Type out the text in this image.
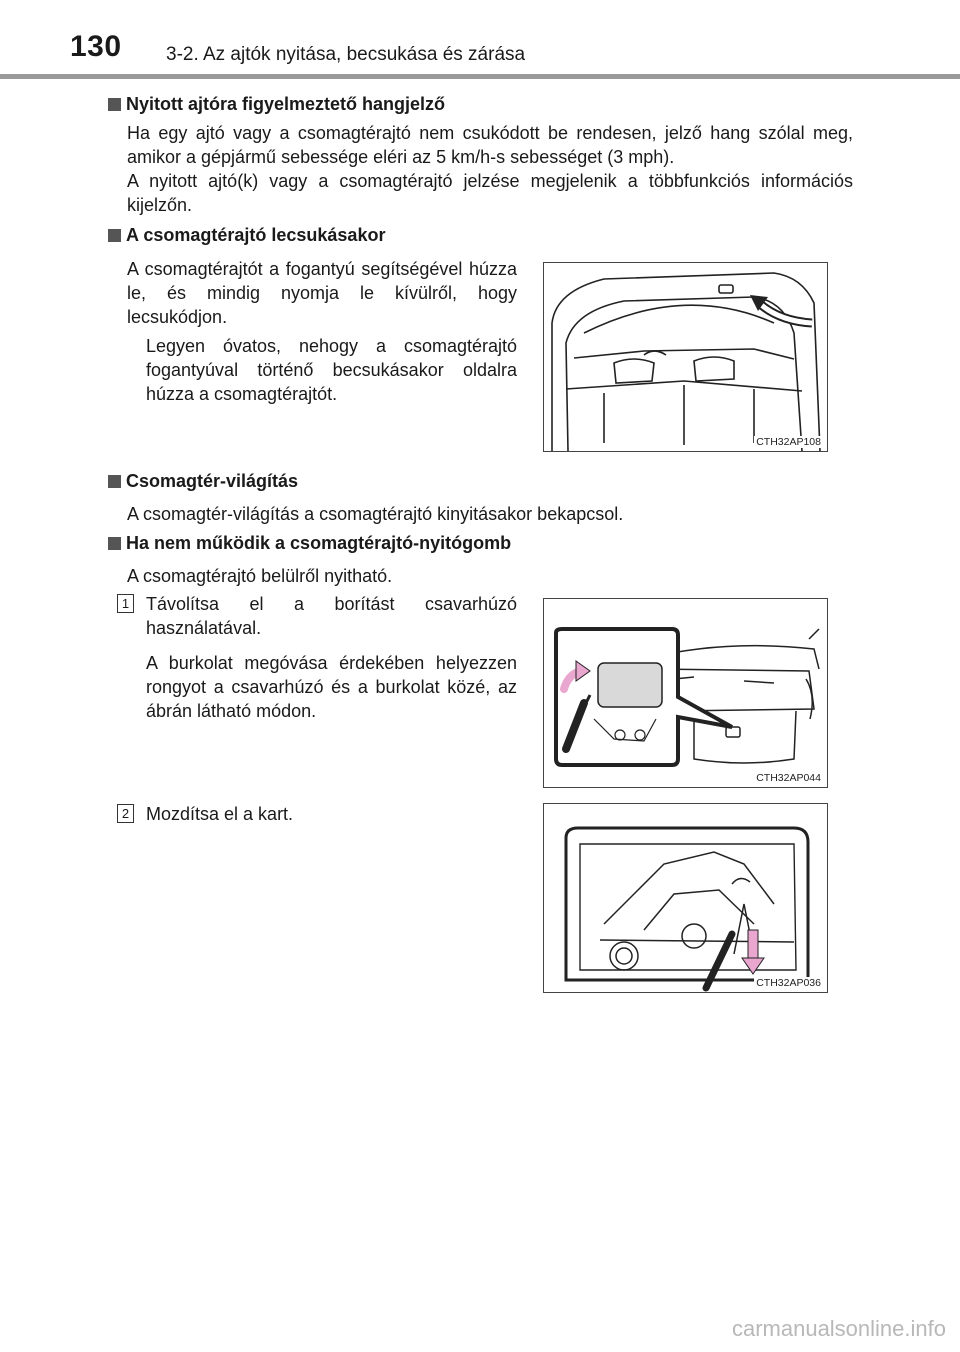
130 3-2. Az ajtók nyitása, becsukása és zárása
Nyitott ajtóra figyelmeztető hangjelző
Ha egy ajtó vagy a csomagtérajtó nem csukódott be rendesen, jelző hang szólal meg, amikor a gépjármű sebessége eléri az 5 km/h-s sebességet (3 mph).
A nyitott ajtó(k) vagy a csomagtérajtó jelzése megjelenik a többfunkciós információs kijelzőn.
A csomagtérajtó lecsukásakor
A csomagtérajtót a fogantyú segítségével húzza le, és mindig nyomja le kívülről, hogy lecsukódjon.
Legyen óvatos, nehogy a csomagtérajtó fogantyúval történő becsukásakor oldalra húzza a csomagtérajtót.
CTH32AP108
Csomagtér-világítás
A csomagtér-világítás a csomagtérajtó kinyitásakor bekapcsol.
Ha nem működik a csomagtérajtó-nyitógomb
A csomagtérajtó belülről nyitható.
1 Távolítsa el a borítást csavarhúzó használatával.
A burkolat megóvása érdekében helyezzen rongyot a csavarhúzó és a burkolat közé, az ábrán látható módon.
CTH32AP044
2 Mozdítsa el a kart.
CTH32AP036
carmanualsonline.info
